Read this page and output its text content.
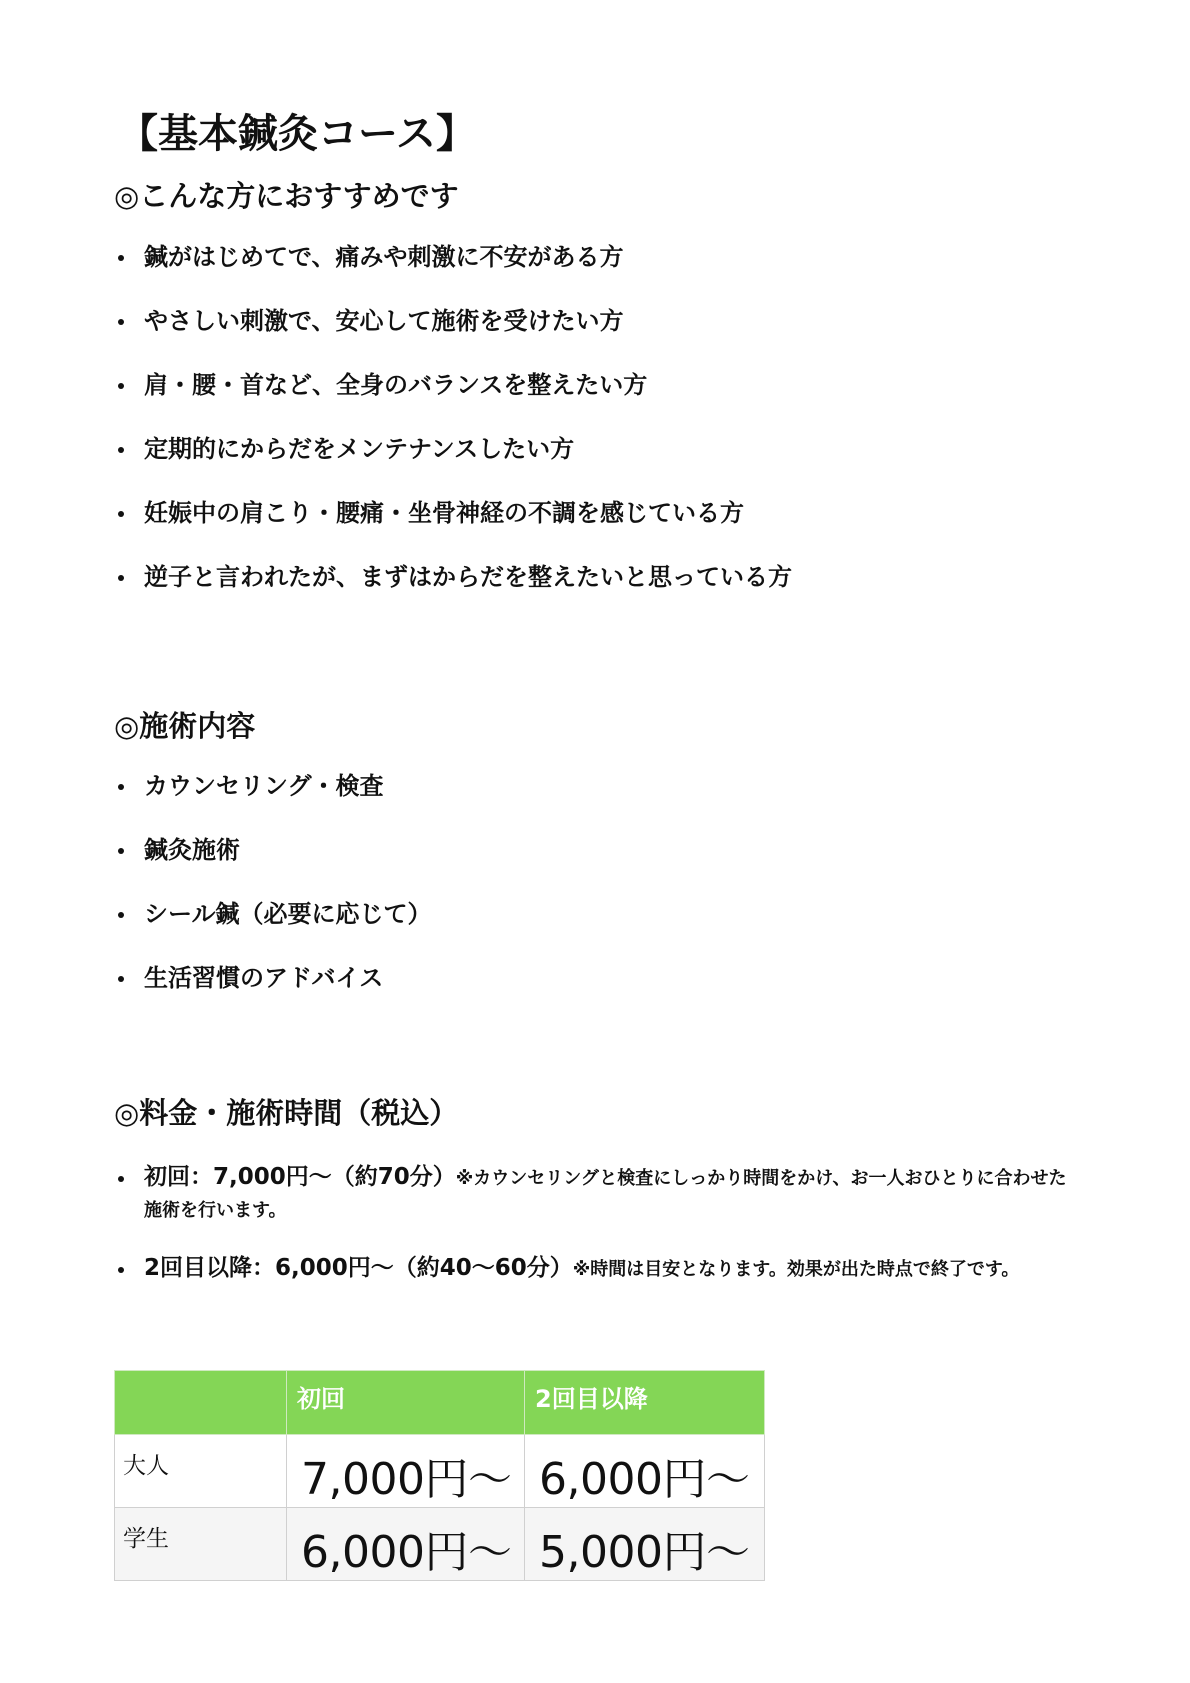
【基本鍼灸コース】
◎こんな方におすすめです
鍼がはじめてで、痛みや刺激に不安がある方
やさしい刺激で、安心して施術を受けたい方
肩・腰・首など、全身のバランスを整えたい方
定期的にからだをメンテナンスしたい方
妊娠中の肩こり・腰痛・坐骨神経の不調を感じている方
逆子と言われたが、まずはからだを整えたいと思っている方
◎施術内容
カウンセリング・検査
鍼灸施術
シール鍼（必要に応じて）
生活習慣のアドバイス
◎料金・施術時間（税込）
初回：7,000円〜（約70分）※カウンセリングと検査にしっかり時間をかけ、お一人おひとりに合わせた施術を行います。
2回目以降：6,000円〜（約40〜60分）※時間は目安となります。効果が出た時点で終了です。
	初回	2回目以降
大人	7,000円〜	6,000円〜
学生	6,000円〜	5,000円〜
